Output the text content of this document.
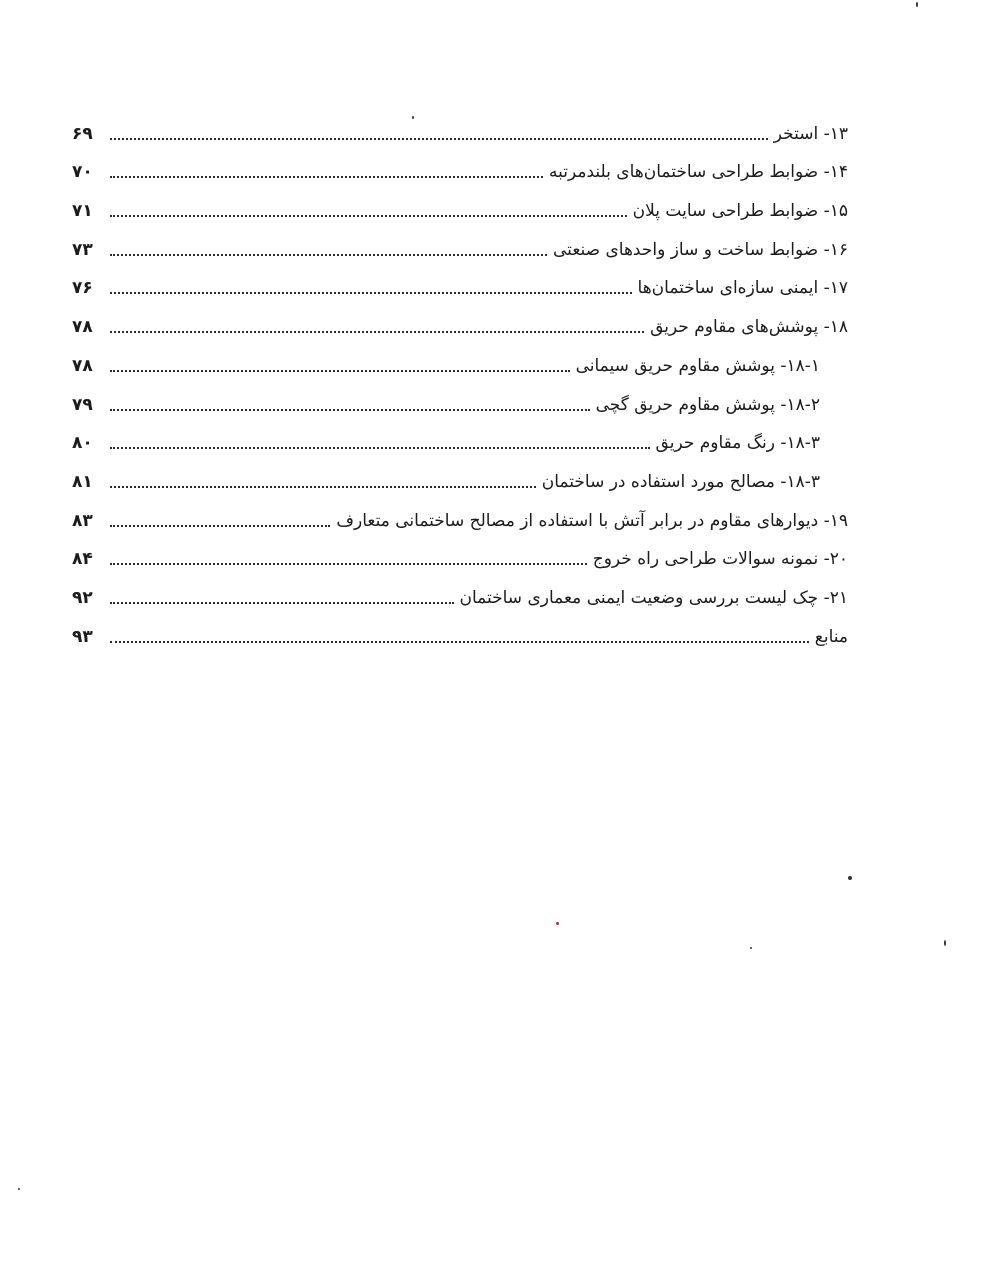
۱۳- استخر
۶۹
۱۴- ضوابط طراحی ساختمان‌های بلندمرتبه
۷۰
۱۵- ضوابط طراحی سایت پلان
۷۱
۱۶- ضوابط ساخت و ساز واحدهای صنعتی
۷۳
۱۷- ایمنی سازه‌ای ساختمان‌ها
۷۶
۱۸- پوشش‌های مقاوم حریق
۷۸
۱۸-۱- پوشش مقاوم حریق سیمانی
۷۸
۱۸-۲- پوشش مقاوم حریق گچی
۷۹
۱۸-۳- رنگ مقاوم حریق
۸۰
۱۸-۳- مصالح مورد استفاده در ساختمان
۸۱
۱۹- دیوارهای مقاوم در برابر آتش با استفاده از مصالح ساختمانی متعارف
۸۳
۲۰- نمونه سوالات طراحی راه خروج
۸۴
۲۱- چک لیست بررسی وضعیت ایمنی معماری ساختمان
۹۲
منابع
۹۳
